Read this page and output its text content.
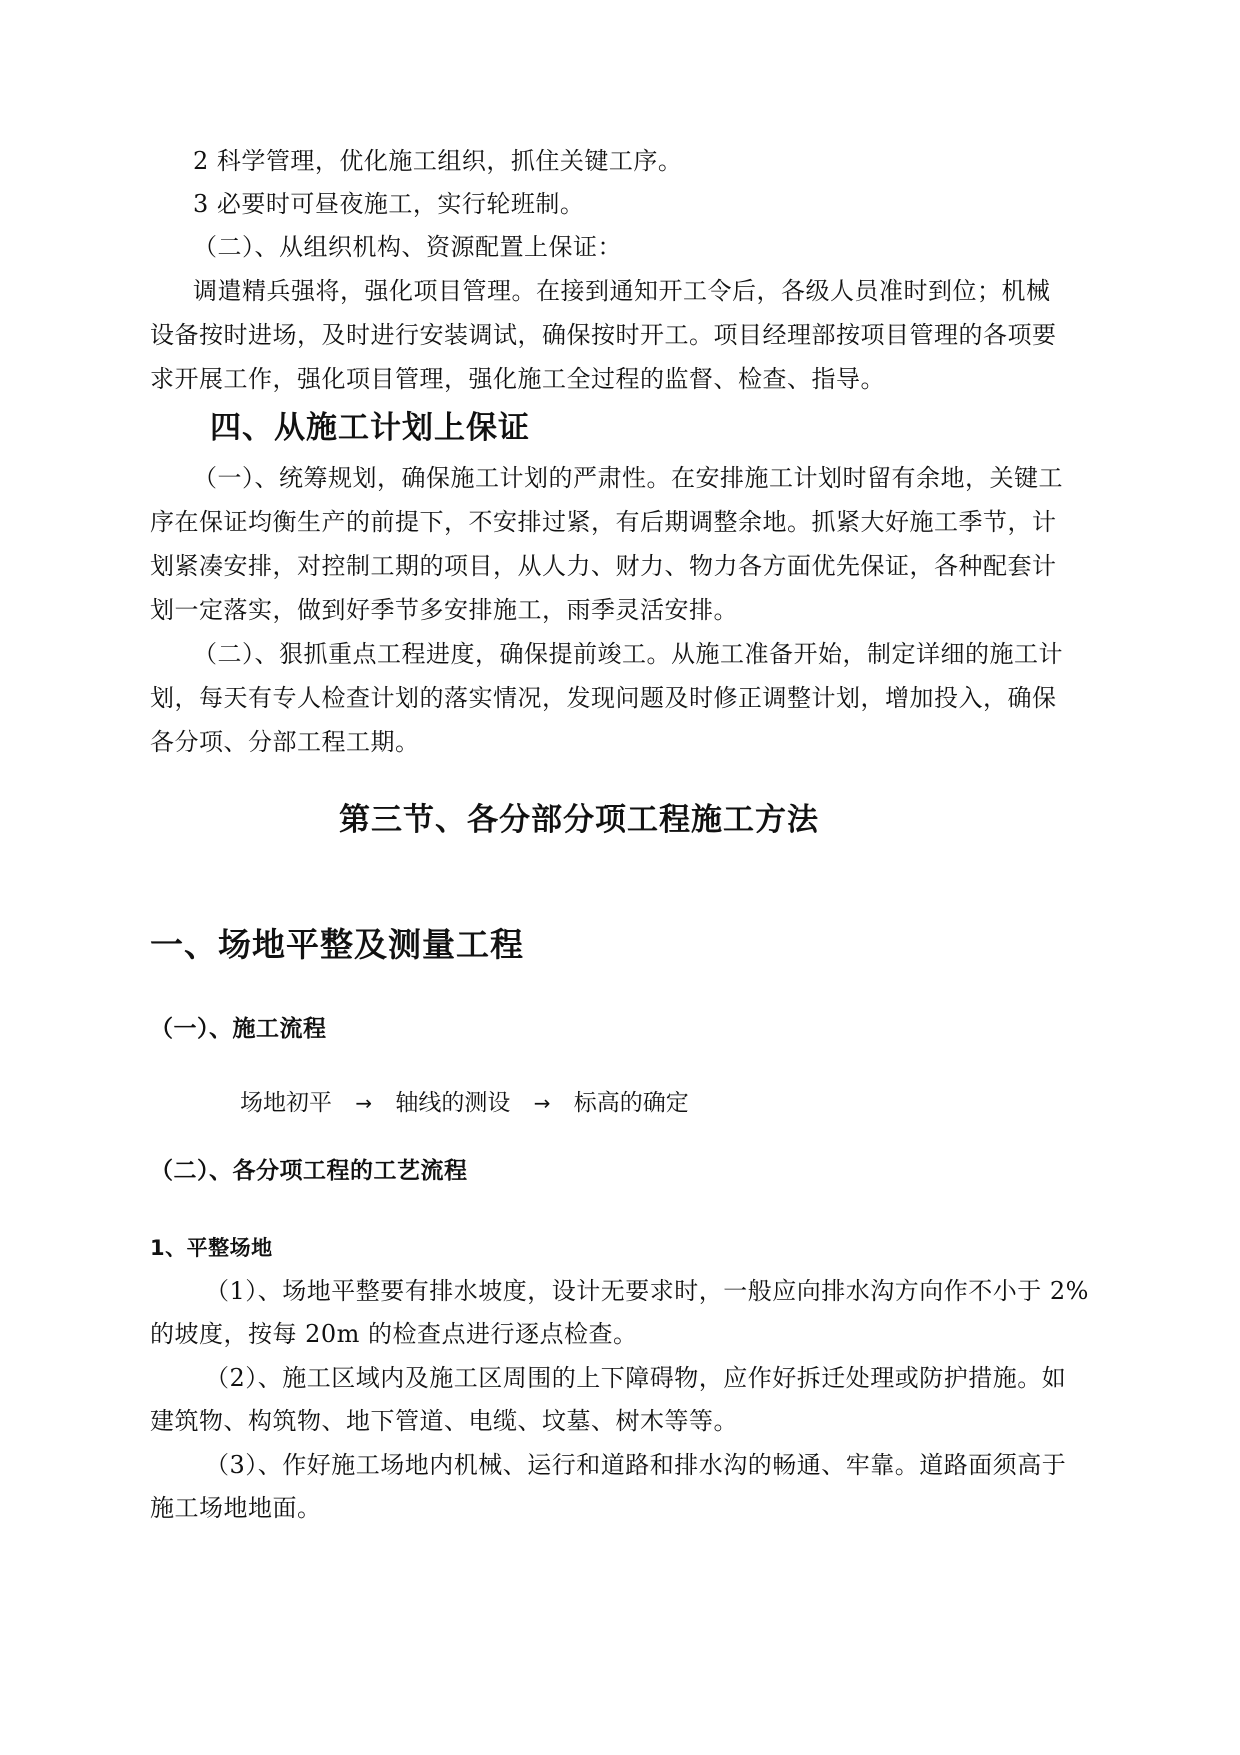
2 科学管理，优化施工组织，抓住关键工序。
3 必要时可昼夜施工，实行轮班制。
（二）、从组织机构、资源配置上保证：
调遣精兵强将，强化项目管理。在接到通知开工令后，各级人员准时到位；机械
设备按时进场，及时进行安装调试，确保按时开工。项目经理部按项目管理的各项要
求开展工作，强化项目管理，强化施工全过程的监督、检查、指导。
四、从施工计划上保证
（一）、统筹规划，确保施工计划的严肃性。在安排施工计划时留有余地，关键工
序在保证均衡生产的前提下，不安排过紧，有后期调整余地。抓紧大好施工季节，计
划紧凑安排，对控制工期的项目，从人力、财力、物力各方面优先保证，各种配套计
划一定落实，做到好季节多安排施工，雨季灵活安排。
（二）、狠抓重点工程进度，确保提前竣工。从施工准备开始，制定详细的施工计
划，每天有专人检查计划的落实情况，发现问题及时修正调整计划，增加投入，确保
各分项、分部工程工期。
第三节、各分部分项工程施工方法
一、场地平整及测量工程
（一）、施工流程
场地初平 → 轴线的测设 → 标高的确定
（二）、各分项工程的工艺流程
1、平整场地
（1）、场地平整要有排水坡度，设计无要求时，一般应向排水沟方向作不小于 2%
的坡度，按每 20m 的检查点进行逐点检查。
（2）、施工区域内及施工区周围的上下障碍物，应作好拆迁处理或防护措施。如
建筑物、构筑物、地下管道、电缆、坟墓、树木等等。
（3）、作好施工场地内机械、运行和道路和排水沟的畅通、牢靠。道路面须高于
施工场地地面。
